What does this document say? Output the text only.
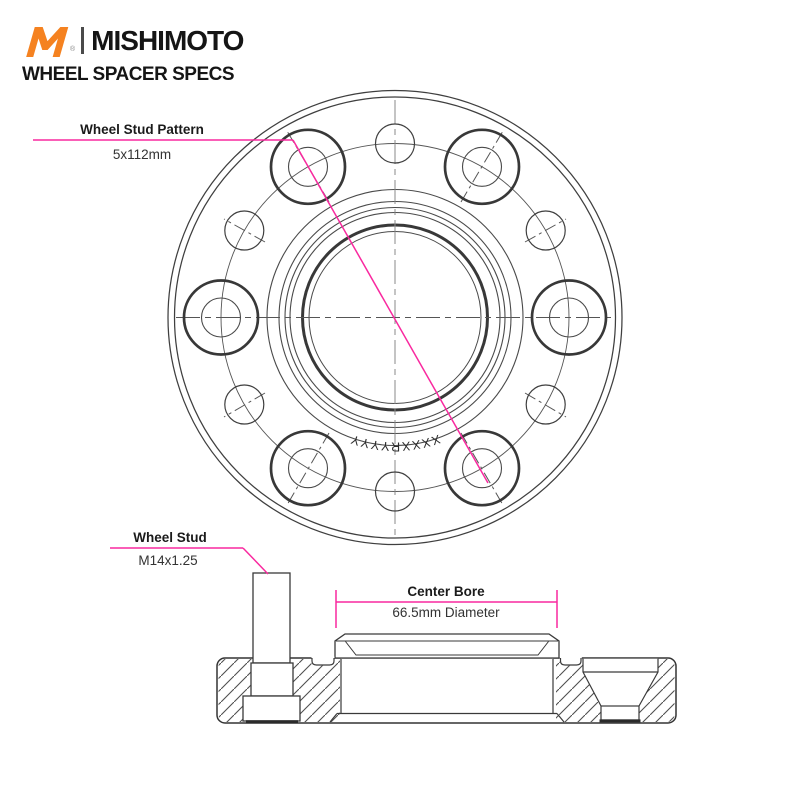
® MISHIMOTO
WHEEL SPACER SPECS
XXXXRYYYY
Wheel Stud Pattern
5x112mm
Wheel Stud
M14x1.25
Center Bore
66.5mm Diameter
